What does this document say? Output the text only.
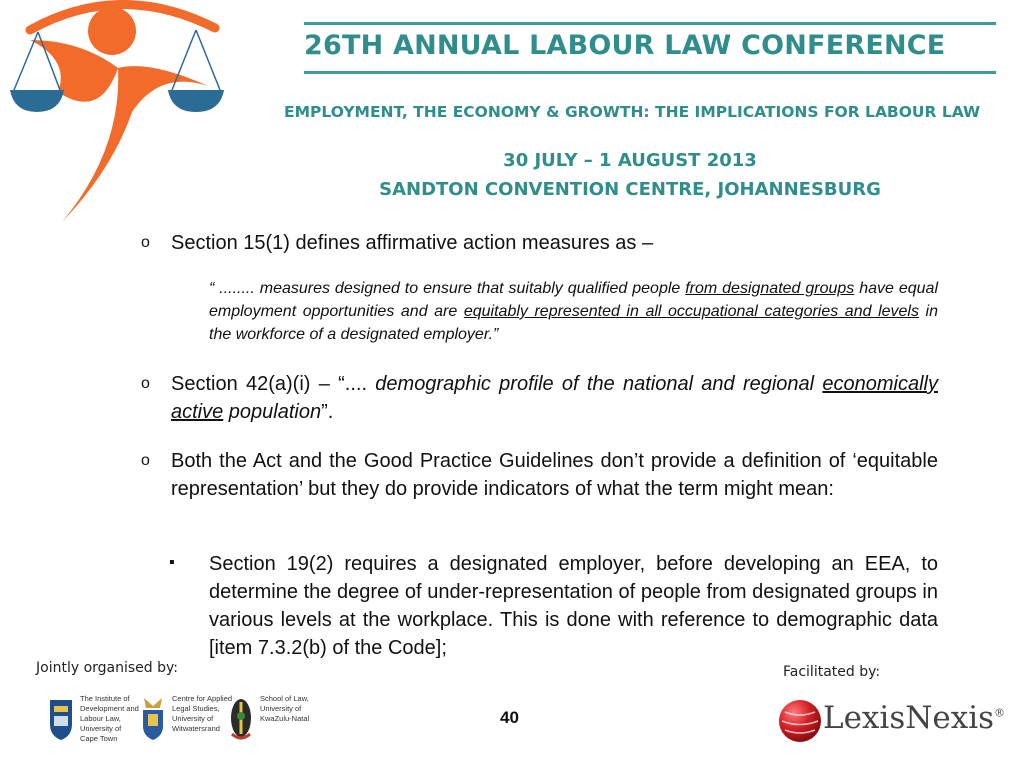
26TH ANNUAL LABOUR LAW CONFERENCE
EMPLOYMENT, THE ECONOMY & GROWTH: THE IMPLICATIONS FOR LABOUR LAW
30 JULY – 1 AUGUST 2013
SANDTON CONVENTION CENTRE, JOHANNESBURG
o Section 15(1) defines affirmative action measures as –
“ ........ measures designed to ensure that suitably qualified people from designated groups have equal employment opportunities and are equitably represented in all occupational categories and levels in the workforce of a designated employer.”
o Section 42(a)(i) – “.... demographic profile of the national and regional economically active population”.
o Both the Act and the Good Practice Guidelines don’t provide a definition of ‘equitable representation’ but they do provide indicators of what the term might mean:
▪ Section 19(2) requires a designated employer, before developing an EEA, to determine the degree of under-representation of people from designated groups in various levels at the workplace. This is done with reference to demographic data [item 7.3.2(b) of the Code];
Jointly organised by:	Facilitated by:
40
The Institute of
Development and
Labour Law,
University of
Cape Town
Centre for Applied
Legal Studies,
University of
Witwatersrand
School of Law,
University of
KwaZulu-Natal	LexisNexis®
